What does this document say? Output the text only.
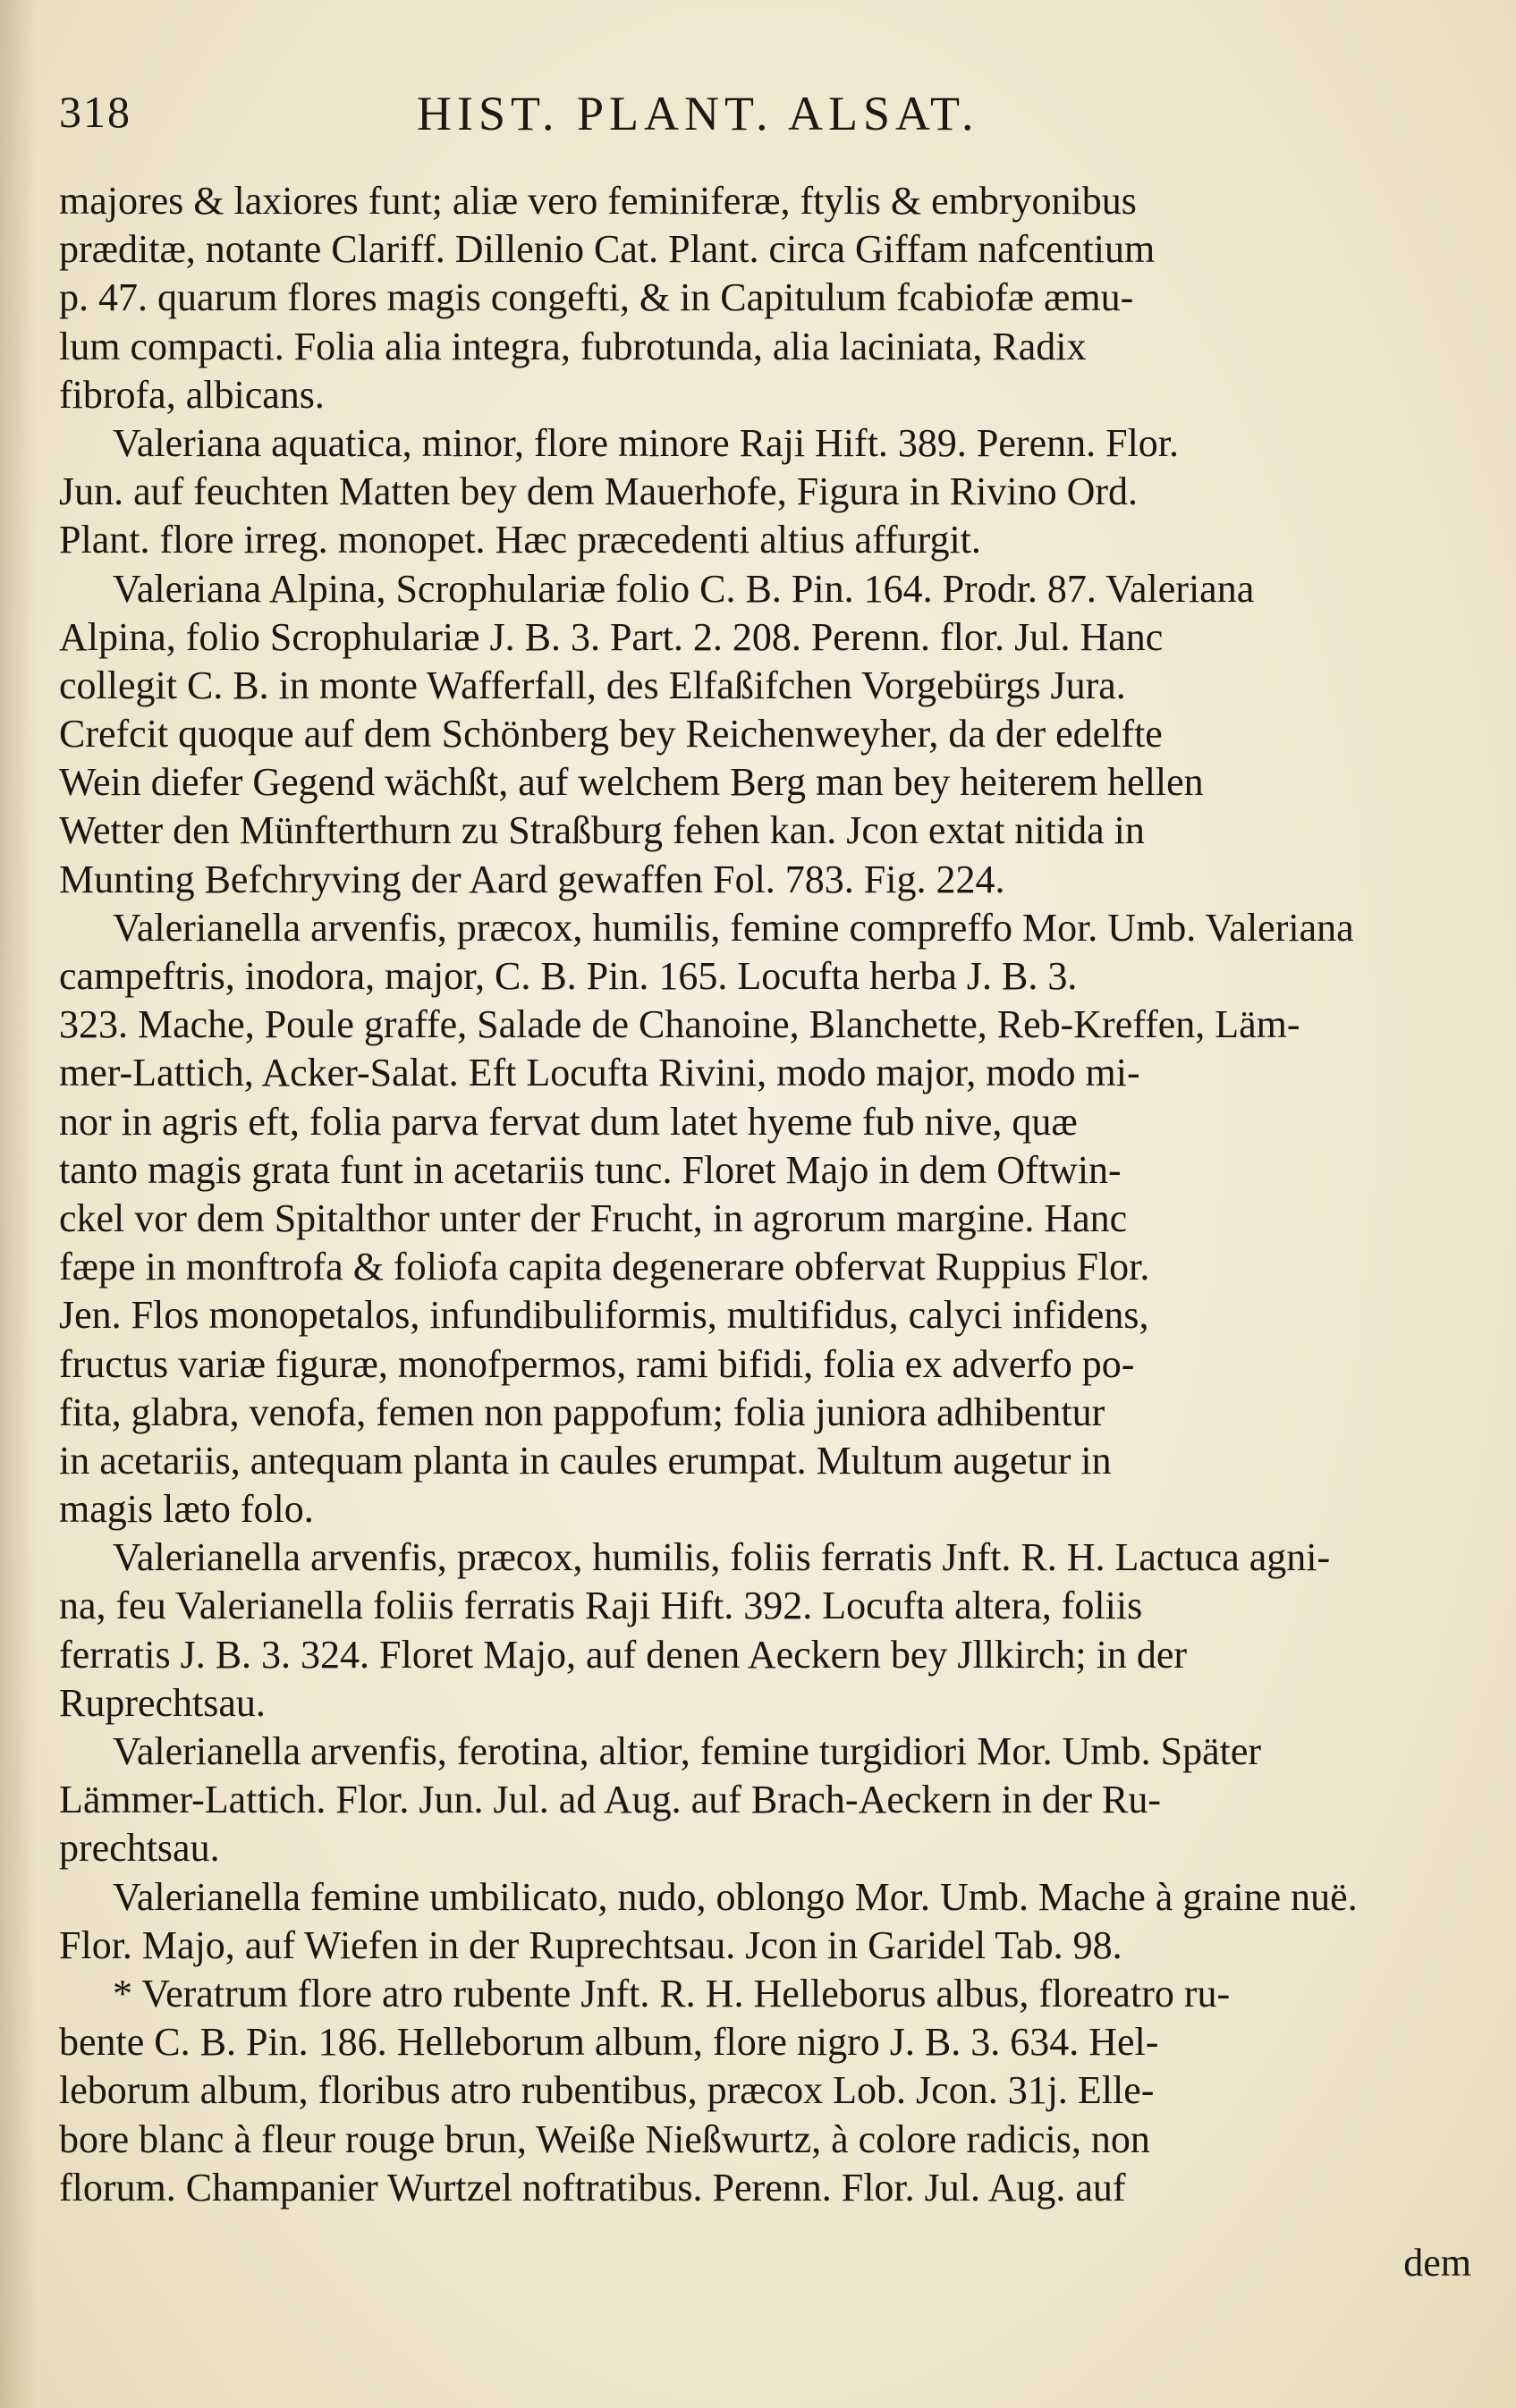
318	HIST. PLANT. ALSAT.
majores & laxiores funt; aliæ vero feminiferæ, ftylis & embryonibus
præditæ, notante Clariff. Dillenio Cat. Plant. circa Giffam nafcentium
p. 47. quarum flores magis congefti, & in Capitulum fcabiofæ æmu-
lum compacti. Folia alia integra, fubrotunda, alia laciniata, Radix
fibrofa, albicans.
Valeriana aquatica, minor, flore minore Raji Hift. 389. Perenn. Flor.
Jun. auf feuchten Matten bey dem Mauerhofe, Figura in Rivino Ord.
Plant. flore irreg. monopet. Hæc præcedenti altius affurgit.
Valeriana Alpina, Scrophulariæ folio C. B. Pin. 164. Prodr. 87. Valeriana
Alpina, folio Scrophulariæ J. B. 3. Part. 2. 208. Perenn. flor. Jul. Hanc
collegit C. B. in monte Wafferfall, des Elfaßifchen Vorgebürgs Jura.
Crefcit quoque auf dem Schönberg bey Reichenweyher, da der edelfte
Wein diefer Gegend wächßt, auf welchem Berg man bey heiterem hellen
Wetter den Münfterthurn zu Straßburg fehen kan. Jcon extat nitida in
Munting Befchryving der Aard gewaffen Fol. 783. Fig. 224.
Valerianella arvenfis, præcox, humilis, femine compreffo Mor. Umb. Valeriana
campeftris, inodora, major, C. B. Pin. 165. Locufta herba J. B. 3.
323. Mache, Poule graffe, Salade de Chanoine, Blanchette, Reb-Kreffen, Läm-
mer-Lattich, Acker-Salat. Eft Locufta Rivini, modo major, modo mi-
nor in agris eft, folia parva fervat dum latet hyeme fub nive, quæ
tanto magis grata funt in acetariis tunc. Floret Majo in dem Oftwin-
ckel vor dem Spitalthor unter der Frucht, in agrorum margine. Hanc
fæpe in monftrofa & foliofa capita degenerare obfervat Ruppius Flor.
Jen. Flos monopetalos, infundibuliformis, multifidus, calyci infidens,
fructus variæ figuræ, monofpermos, rami bifidi, folia ex adverfo po-
fita, glabra, venofa, femen non pappofum; folia juniora adhibentur
in acetariis, antequam planta in caules erumpat. Multum augetur in
magis læto folo.
Valerianella arvenfis, præcox, humilis, foliis ferratis Jnft. R. H. Lactuca agni-
na, feu Valerianella foliis ferratis Raji Hift. 392. Locufta altera, foliis
ferratis J. B. 3. 324. Floret Majo, auf denen Aeckern bey Jllkirch; in der
Ruprechtsau.
Valerianella arvenfis, ferotina, altior, femine turgidiori Mor. Umb. Später
Lämmer-Lattich. Flor. Jun. Jul. ad Aug. auf Brach-Aeckern in der Ru-
prechtsau.
Valerianella femine umbilicato, nudo, oblongo Mor. Umb. Mache à graine nuë.
Flor. Majo, auf Wiefen in der Ruprechtsau. Jcon in Garidel Tab. 98.
* Veratrum flore atro rubente Jnft. R. H. Helleborus albus, floreatro ru-
bente C. B. Pin. 186. Helleborum album, flore nigro J. B. 3. 634. Hel-
leborum album, floribus atro rubentibus, præcox Lob. Jcon. 31j. Elle-
bore blanc à fleur rouge brun, Weiße Nießwurtz, à colore radicis, non
florum. Champanier Wurtzel noftratibus. Perenn. Flor. Jul. Aug. auf
dem
